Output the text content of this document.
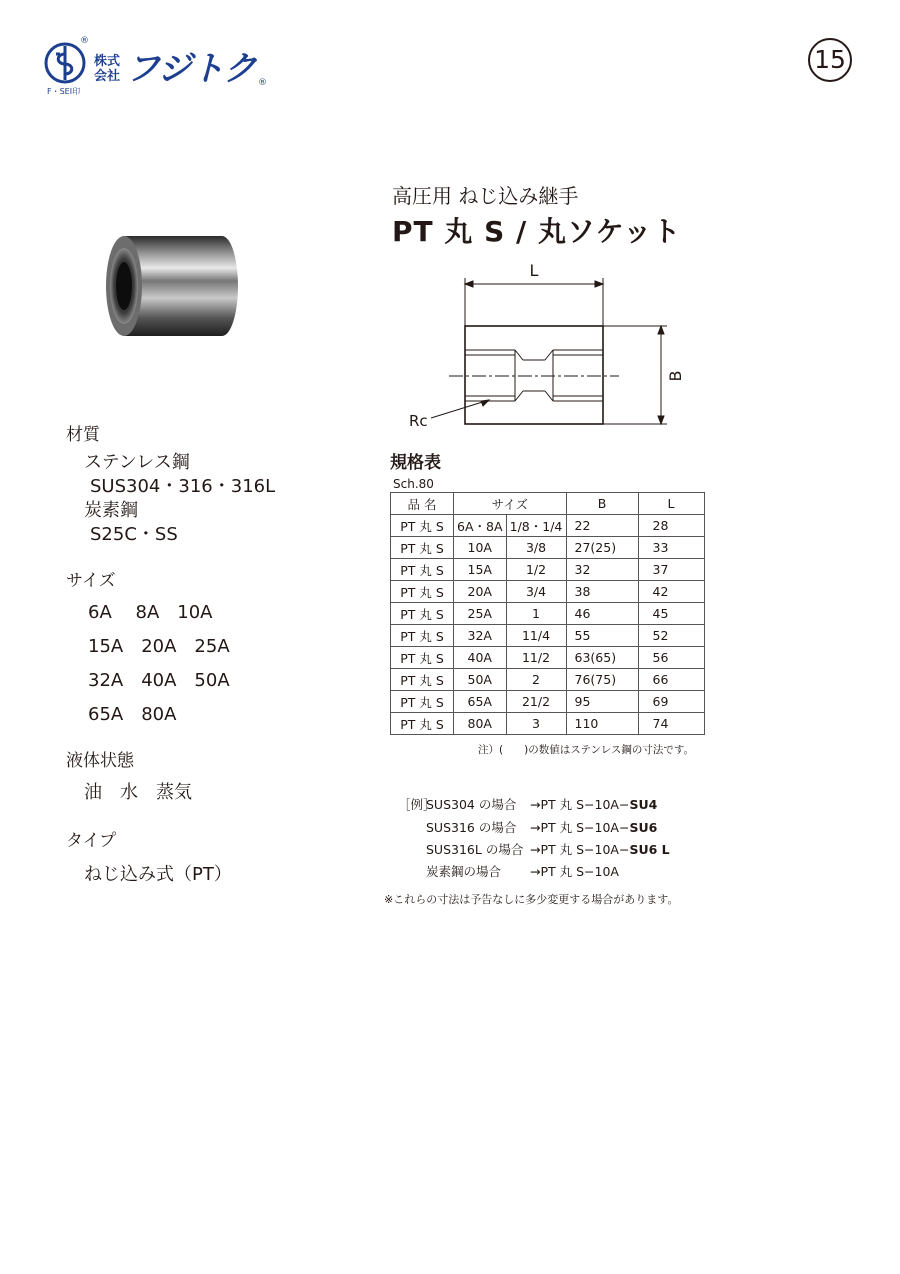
®
F・SEI印
株式会社 フジトク ®
15
高圧用 ねじ込み継手
PT 丸 S / 丸ソケット
材質
ステンレス鋼
SUS304・316・316L
炭素鋼
S25C・SS
サイズ
6A　 8A　10A
15A　20A　25A
32A　40A　50A
65A　80A
液体状態
油　水　蒸気
タイプ
ねじ込み式（PT）
L
B
Rc
規格表
Sch.80
品 名	サイズ		B	L
PT 丸 S	6A・8A	1/8・1/4	22	28
PT 丸 S	10A	3/8	27(25)	33
PT 丸 S	15A	1/2	32	37
PT 丸 S	20A	3/4	38	42
PT 丸 S	25A	1	46	45
PT 丸 S	32A	11/4	55	52
PT 丸 S	40A	11/2	63(65)	56
PT 丸 S	50A	2	76(75)	66
PT 丸 S	65A	21/2	95	69
PT 丸 S	80A	3	110	74
注）(　　)の数値はステンレス鋼の寸法です。
［例］
SUS304 の場合 →PT 丸 S−10A−SU4
SUS316 の場合 →PT 丸 S−10A−SU6
SUS316L の場合 →PT 丸 S−10A−SU6 L
炭素鋼の場合 →PT 丸 S−10A
※これらの寸法は予告なしに多少変更する場合があります。
